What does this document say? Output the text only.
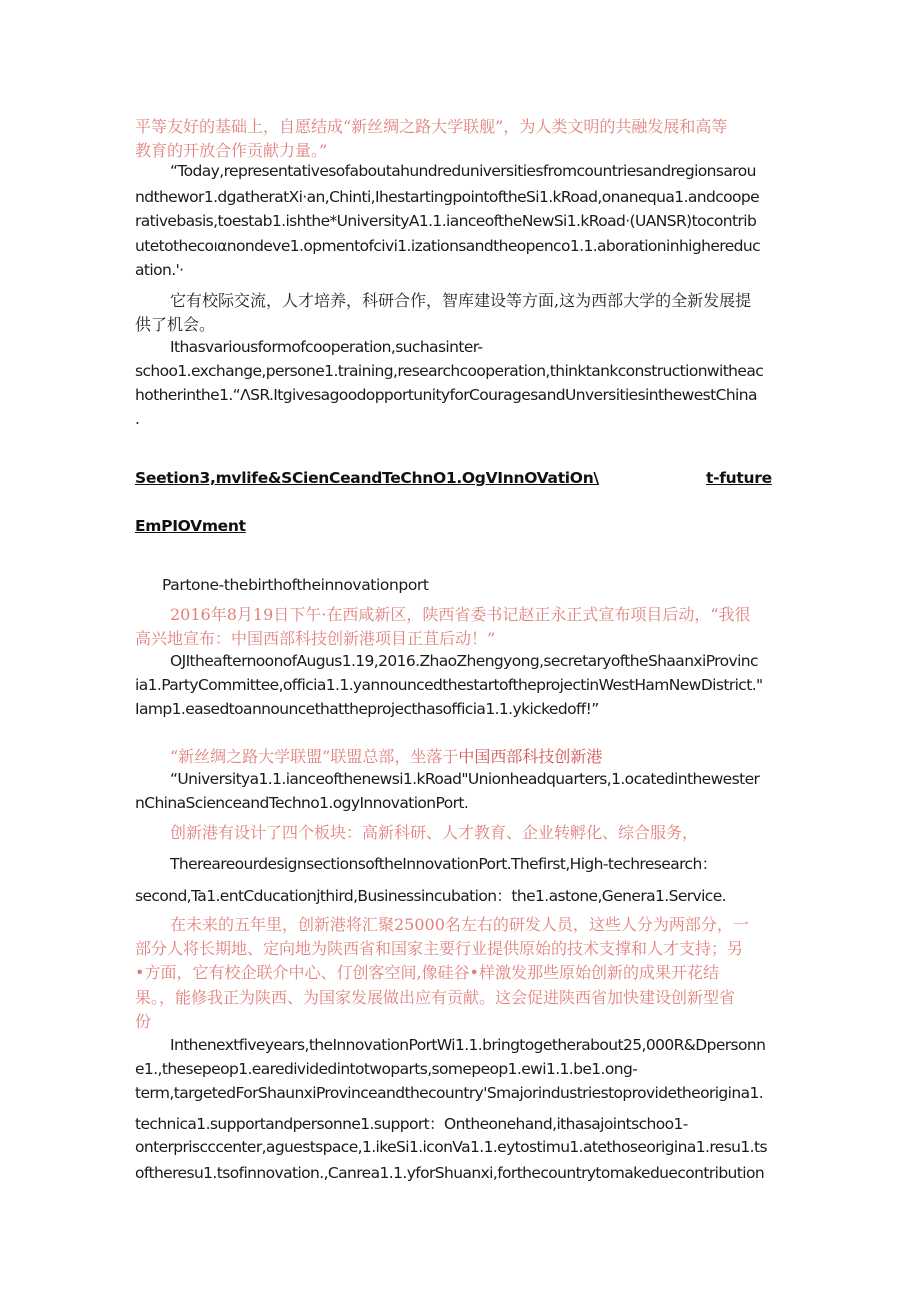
平等友好的基础上，自愿结成“新丝绸之路大学联舰”，为人类文明的共融发展和高等
教育的开放合作贡献力量。”
“Today,representativesofaboutahundreduniversitiesfromcountriesandregionsarou
ndthewor1.dgatheratXi·an,Chinti,Ihestartingpointof​theSi1.kRoad,onanequa1.andcoope
rativebasis,toestab1.ishthe*UniversityA1.1.ianceof​theNewSi1.kRoad·(UANSR)tocontrib
utetothecoıαnondeve1.opmentofcivi1.izationsandtheopenco1.1.aborationinhighereduc
ation.'·
它有校际交流，人才培养，科研合作，智库建设等方面,这为西部大学的全新发展提
供了机会。
Ithasvariousformofcooperation,suchasinter-
schoo1.exchange,persone1.training,researchcooperation,thinktankconstructionwitheac
hotherinthe1.“ΛSR.Itgivesagoodopportunityfor​CouragesandUnversitiesinthewestChina
.
Seetion3,mvlife&SCienCeandTeChnO1.OgVInnOVatiOn\	t-future
EmPIOVment
Partone-thebirthoftheinnovationport
2016年8月19日下午·在西咸新区，陕西省委书记赵正永正式宣布项目后动，“我很
高兴地宣布：中国西部科技创新港项目正苴后动！”
OJItheafternoonofAugus1.19,2016.ZhaoZhengyong,secretaryoftheShaanxiProvinc
ia1.PartyCommittee,officia1.1.yannouncedthestartof​theprojectinWestHamNewDistrict."
Iamp1.easedtoannouncethattheprojecthasofficia1.1.ykickedoff!”
“新丝绸之路大学联盟”联盟总部，坐落于中国西部科技创新港
“Universitya1.1.ianceofthenewsi1.kRoad"Unionheadquarters,1.ocatedinthewester
nChinaScienceandTechno1.ogyInnovationPort.
创新港有设计了四个板块：高新科研、人才教育、企业转孵化、综合服务，
ThereareourdesignsectionsoftheInnovationPort.Thefirst,High-techresearch：
second,Ta1.entCducationjthird,Businessincubation：the1.astone,Genera1.Service.
在未来的五年里，创新港将汇聚25000名左右的研发人员，这些人分为两部分，一
部分人将长期地、定向地为陕西省和国家主要行业提供原始的技术支撑和人才支持；另
•方面，它有校企联介中心、仃创客空间,像硅谷•样激发那些原始创新的成果开花结
果。，能修我正为陕西、为国家发展做出应有贡献。这会促进陕西省加快建设创新型省
份
Inthenextfiveyears,theInnovationPortWi1.1.bringtogetherabout25,000R&Dpersonn
e1.,thesepeop1.earedividedintotwoparts,somepeop1.ewi1.1.be1.ong-
term,targeted​ForShaunxiProvinceandthecountry'Smajorindustriestoprovidetheorigina1.
technica1.supportandpersonne1.support：Ontheonehand,ithasajointschoo1-
onterpriscccenter,aguestspace,1.ikeSi1.iconVa1.1.eytostimu1.atethoseorigina1.resu1.ts
oftheresu1.tsofinnovation.,Canrea1.1.yforShuanxi,forthecountrytomakeduecontribution
